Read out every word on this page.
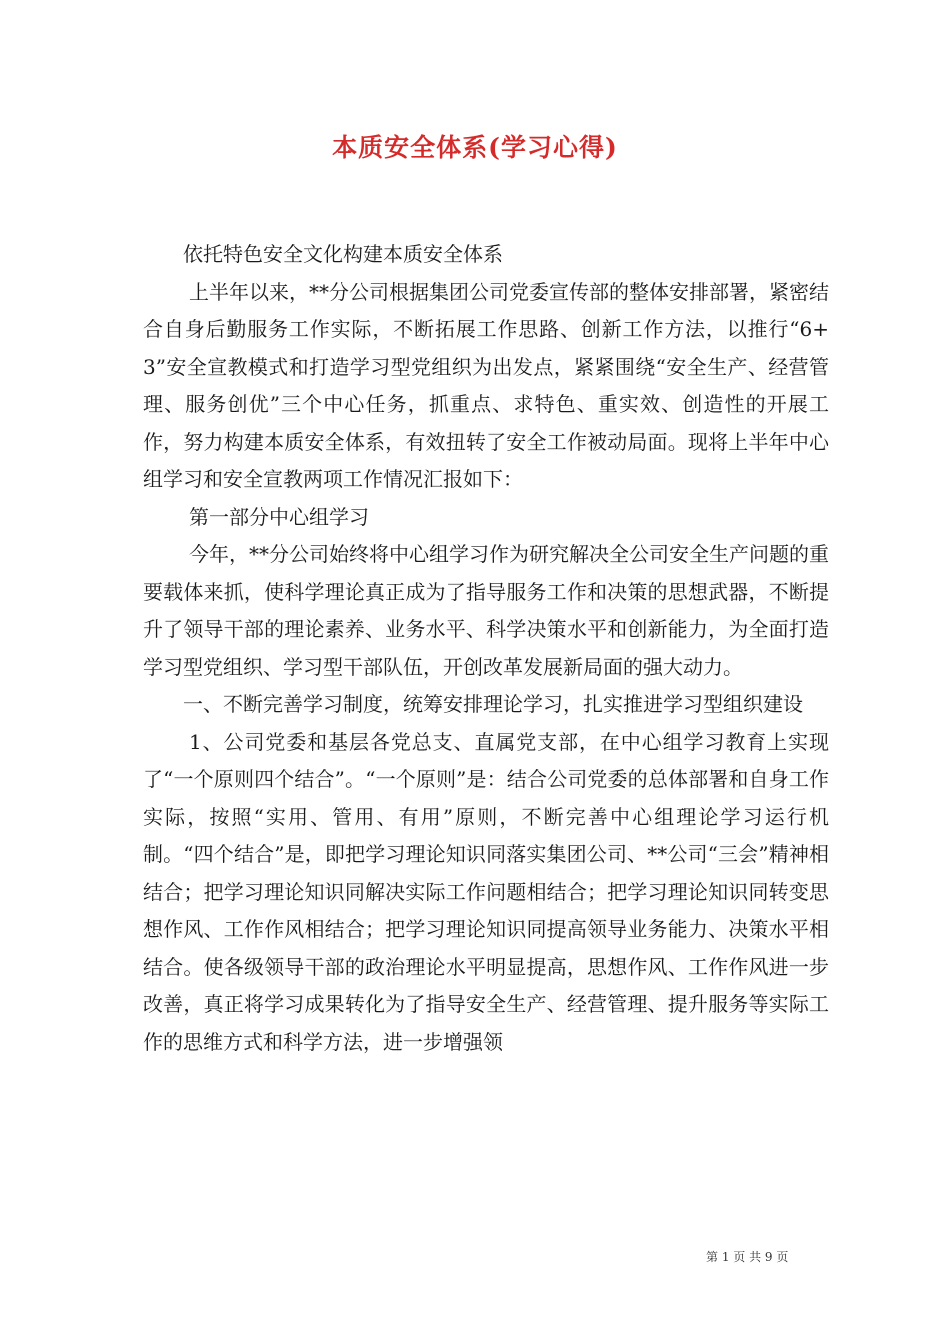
本质安全体系(学习心得)

依托特色安全文化构建本质安全体系

上半年以来，**分公司根据集团公司党委宣传部的整体安排部署，紧密结合自身后勤服务工作实际，不断拓展工作思路、创新工作方法，以推行“6+3”安全宣教模式和打造学习型党组织为出发点，紧紧围绕“安全生产、经营管理、服务创优”三个中心任务，抓重点、求特色、重实效、创造性的开展工作，努力构建本质安全体系，有效扭转了安全工作被动局面。现将上半年中心组学习和安全宣教两项工作情况汇报如下：

第一部分中心组学习

今年，**分公司始终将中心组学习作为研究解决全公司安全生产问题的重要载体来抓，使科学理论真正成为了指导服务工作和决策的思想武器，不断提升了领导干部的理论素养、业务水平、科学决策水平和创新能力，为全面打造学习型党组织、学习型干部队伍，开创改革发展新局面的强大动力。

一、不断完善学习制度，统筹安排理论学习，扎实推进学习型组织建设

1、公司党委和基层各党总支、直属党支部，在中心组学习教育上实现了“一个原则四个结合”。“一个原则”是：结合公司党委的总体部署和自身工作实际，按照“实用、管用、有用”原则，不断完善中心组理论学习运行机制。“四个结合”是，即把学习理论知识同落实集团公司、**公司“三会”精神相结合；把学习理论知识同解决实际工作问题相结合；把学习理论知识同转变思想作风、工作作风相结合；把学习理论知识同提高领导业务能力、决策水平相结合。使各级领导干部的政治理论水平明显提高，思想作风、工作作风进一步改善，真正将学习成果转化为了指导安全生产、经营管理、提升服务等实际工作的思维方式和科学方法，进一步增强领

第 1 页 共 9 页
